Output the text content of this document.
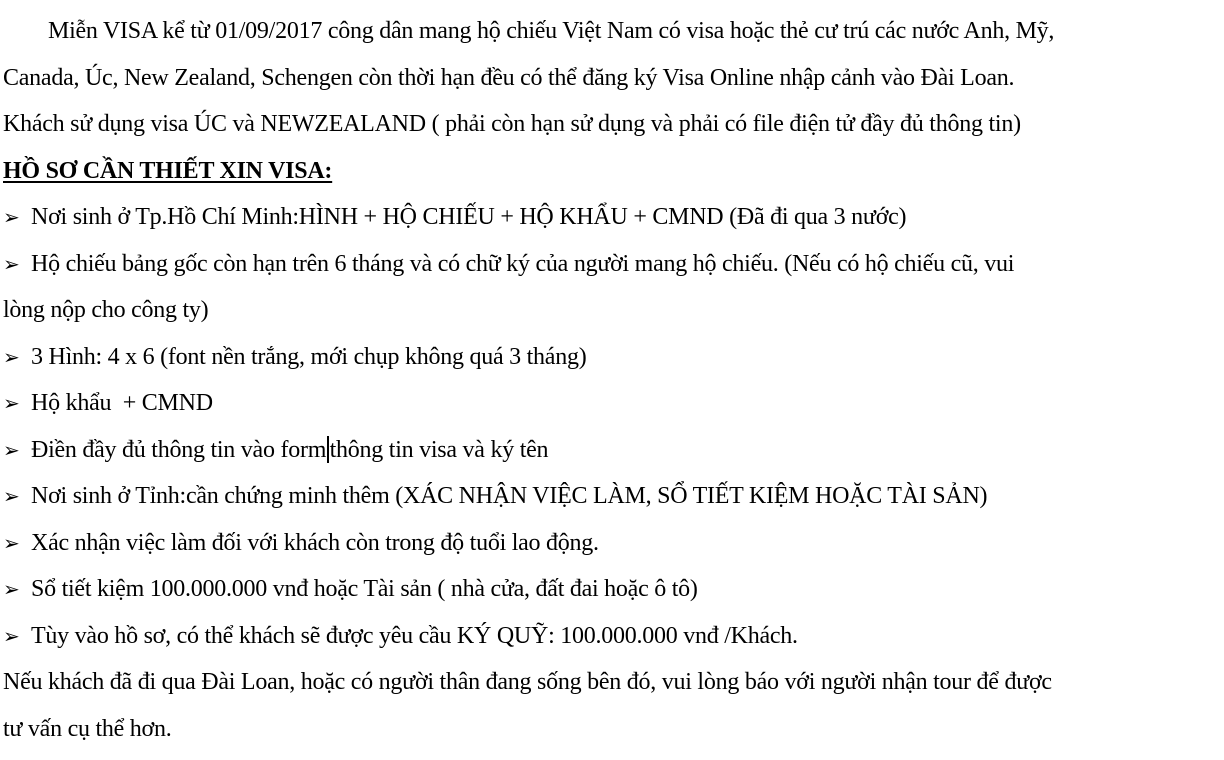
Miễn VISA kể từ 01/09/2017 công dân mang hộ chiếu Việt Nam có visa hoặc thẻ cư trú các nước Anh, Mỹ,
Canada, Úc, New Zealand, Schengen còn thời hạn đều có thể đăng ký Visa Online nhập cảnh vào Đài Loan.
Khách sử dụng visa ÚC và NEWZEALAND ( phải còn hạn sử dụng và phải có file điện tử đầy đủ thông tin)
HỒ SƠ CẦN THIẾT XIN VISA:
➢ Nơi sinh ở Tp.Hồ Chí Minh:HÌNH + HỘ CHIẾU + HỘ KHẨU + CMND (Đã đi qua 3 nước)
➢ Hộ chiếu bảng gốc còn hạn trên 6 tháng và có chữ ký của người mang hộ chiếu. (Nếu có hộ chiếu cũ, vui
lòng nộp cho công ty)
➢ 3 Hình: 4 x 6 (font nền trắng, mới chụp không quá 3 tháng)
➢ Hộ khẩu  + CMND
➢ Điền đầy đủ thông tin vào form thông tin visa và ký tên
➢ Nơi sinh ở Tỉnh:cần chứng minh thêm (XÁC NHẬN VIỆC LÀM, SỔ TIẾT KIỆM HOẶC TÀI SẢN)
➢ Xác nhận việc làm đối với khách còn trong độ tuổi lao động.
➢ Sổ tiết kiệm 100.000.000 vnđ hoặc Tài sản ( nhà cửa, đất đai hoặc ô tô)
➢ Tùy vào hồ sơ, có thể khách sẽ được yêu cầu KÝ QUỸ: 100.000.000 vnđ /Khách.
Nếu khách đã đi qua Đài Loan, hoặc có người thân đang sống bên đó, vui lòng báo với người nhận tour để được
tư vấn cụ thể hơn.
